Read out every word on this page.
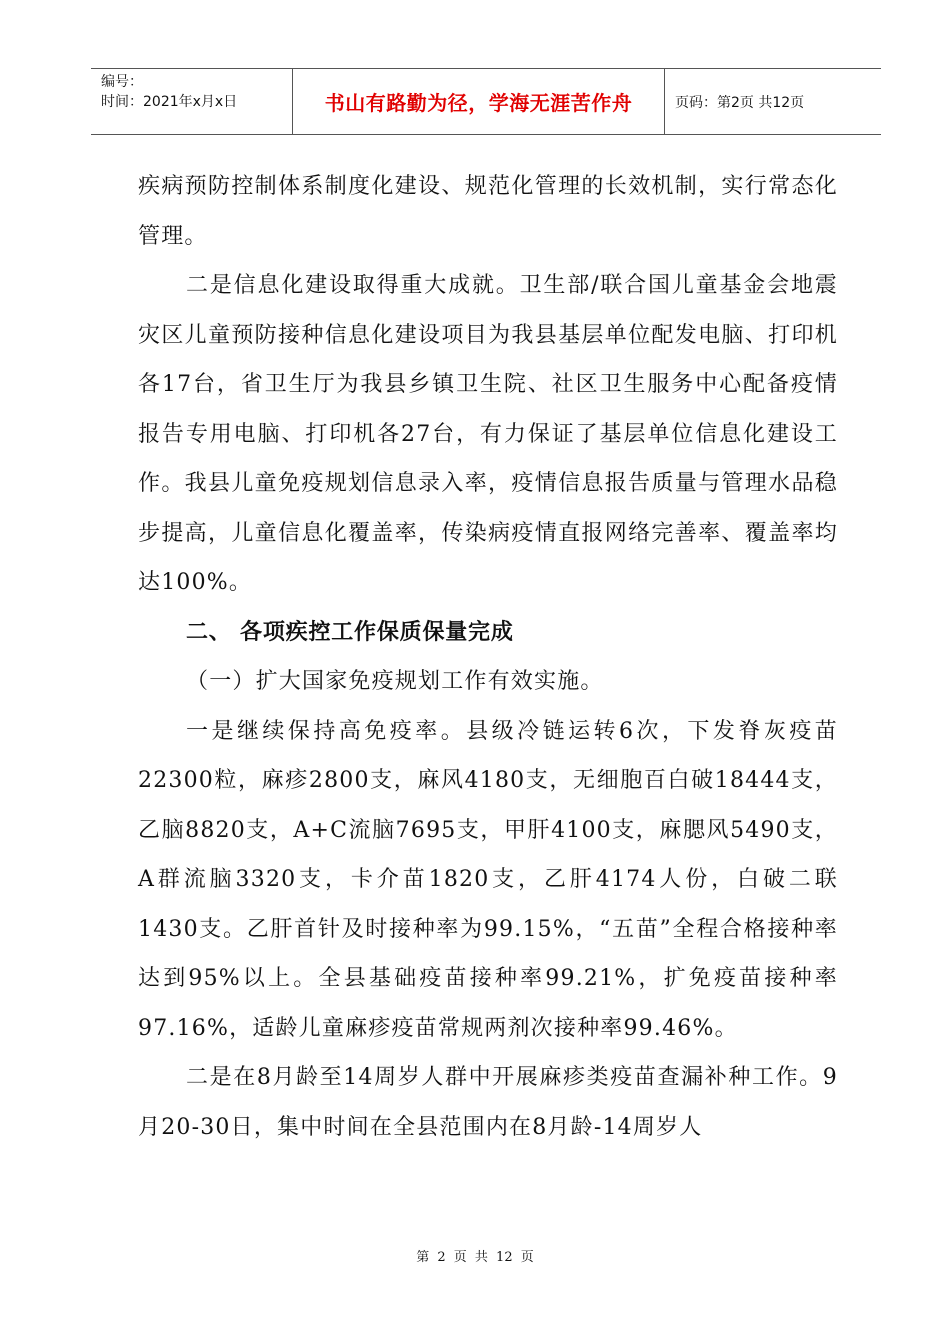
编号：
时间：2021年x月x日	书山有路勤为径，学海无涯苦作舟	页码：第2页 共12页

疾病预防控制体系制度化建设、规范化管理的长效机制，实行常态化管理。

二是信息化建设取得重大成就。卫生部/联合国儿童基金会地震灾区儿童预防接种信息化建设项目为我县基层单位配发电脑、打印机各17台，省卫生厅为我县乡镇卫生院、社区卫生服务中心配备疫情报告专用电脑、打印机各27台，有力保证了基层单位信息化建设工作。我县儿童免疫规划信息录入率，疫情信息报告质量与管理水品稳步提高，儿童信息化覆盖率，传染病疫情直报网络完善率、覆盖率均达100%。

二、 各项疾控工作保质保量完成

（一）扩大国家免疫规划工作有效实施。

一是继续保持高免疫率。县级冷链运转6次，下发脊灰疫苗22300粒，麻疹2800支，麻风4180支，无细胞百白破18444支，乙脑8820支，A+C流脑7695支，甲肝4100支，麻腮风5490支，A群流脑3320支，卡介苗1820支，乙肝4174人份，白破二联1430支。乙肝首针及时接种率为99.15%，“五苗”全程合格接种率达到95%以上。全县基础疫苗接种率99.21%，扩免疫苗接种率97.16%，适龄儿童麻疹疫苗常规两剂次接种率99.46%。

二是在8月龄至14周岁人群中开展麻疹类疫苗查漏补种工作。9月20-30日，集中时间在全县范围内在8月龄-14周岁人

第 2 页 共 12 页
